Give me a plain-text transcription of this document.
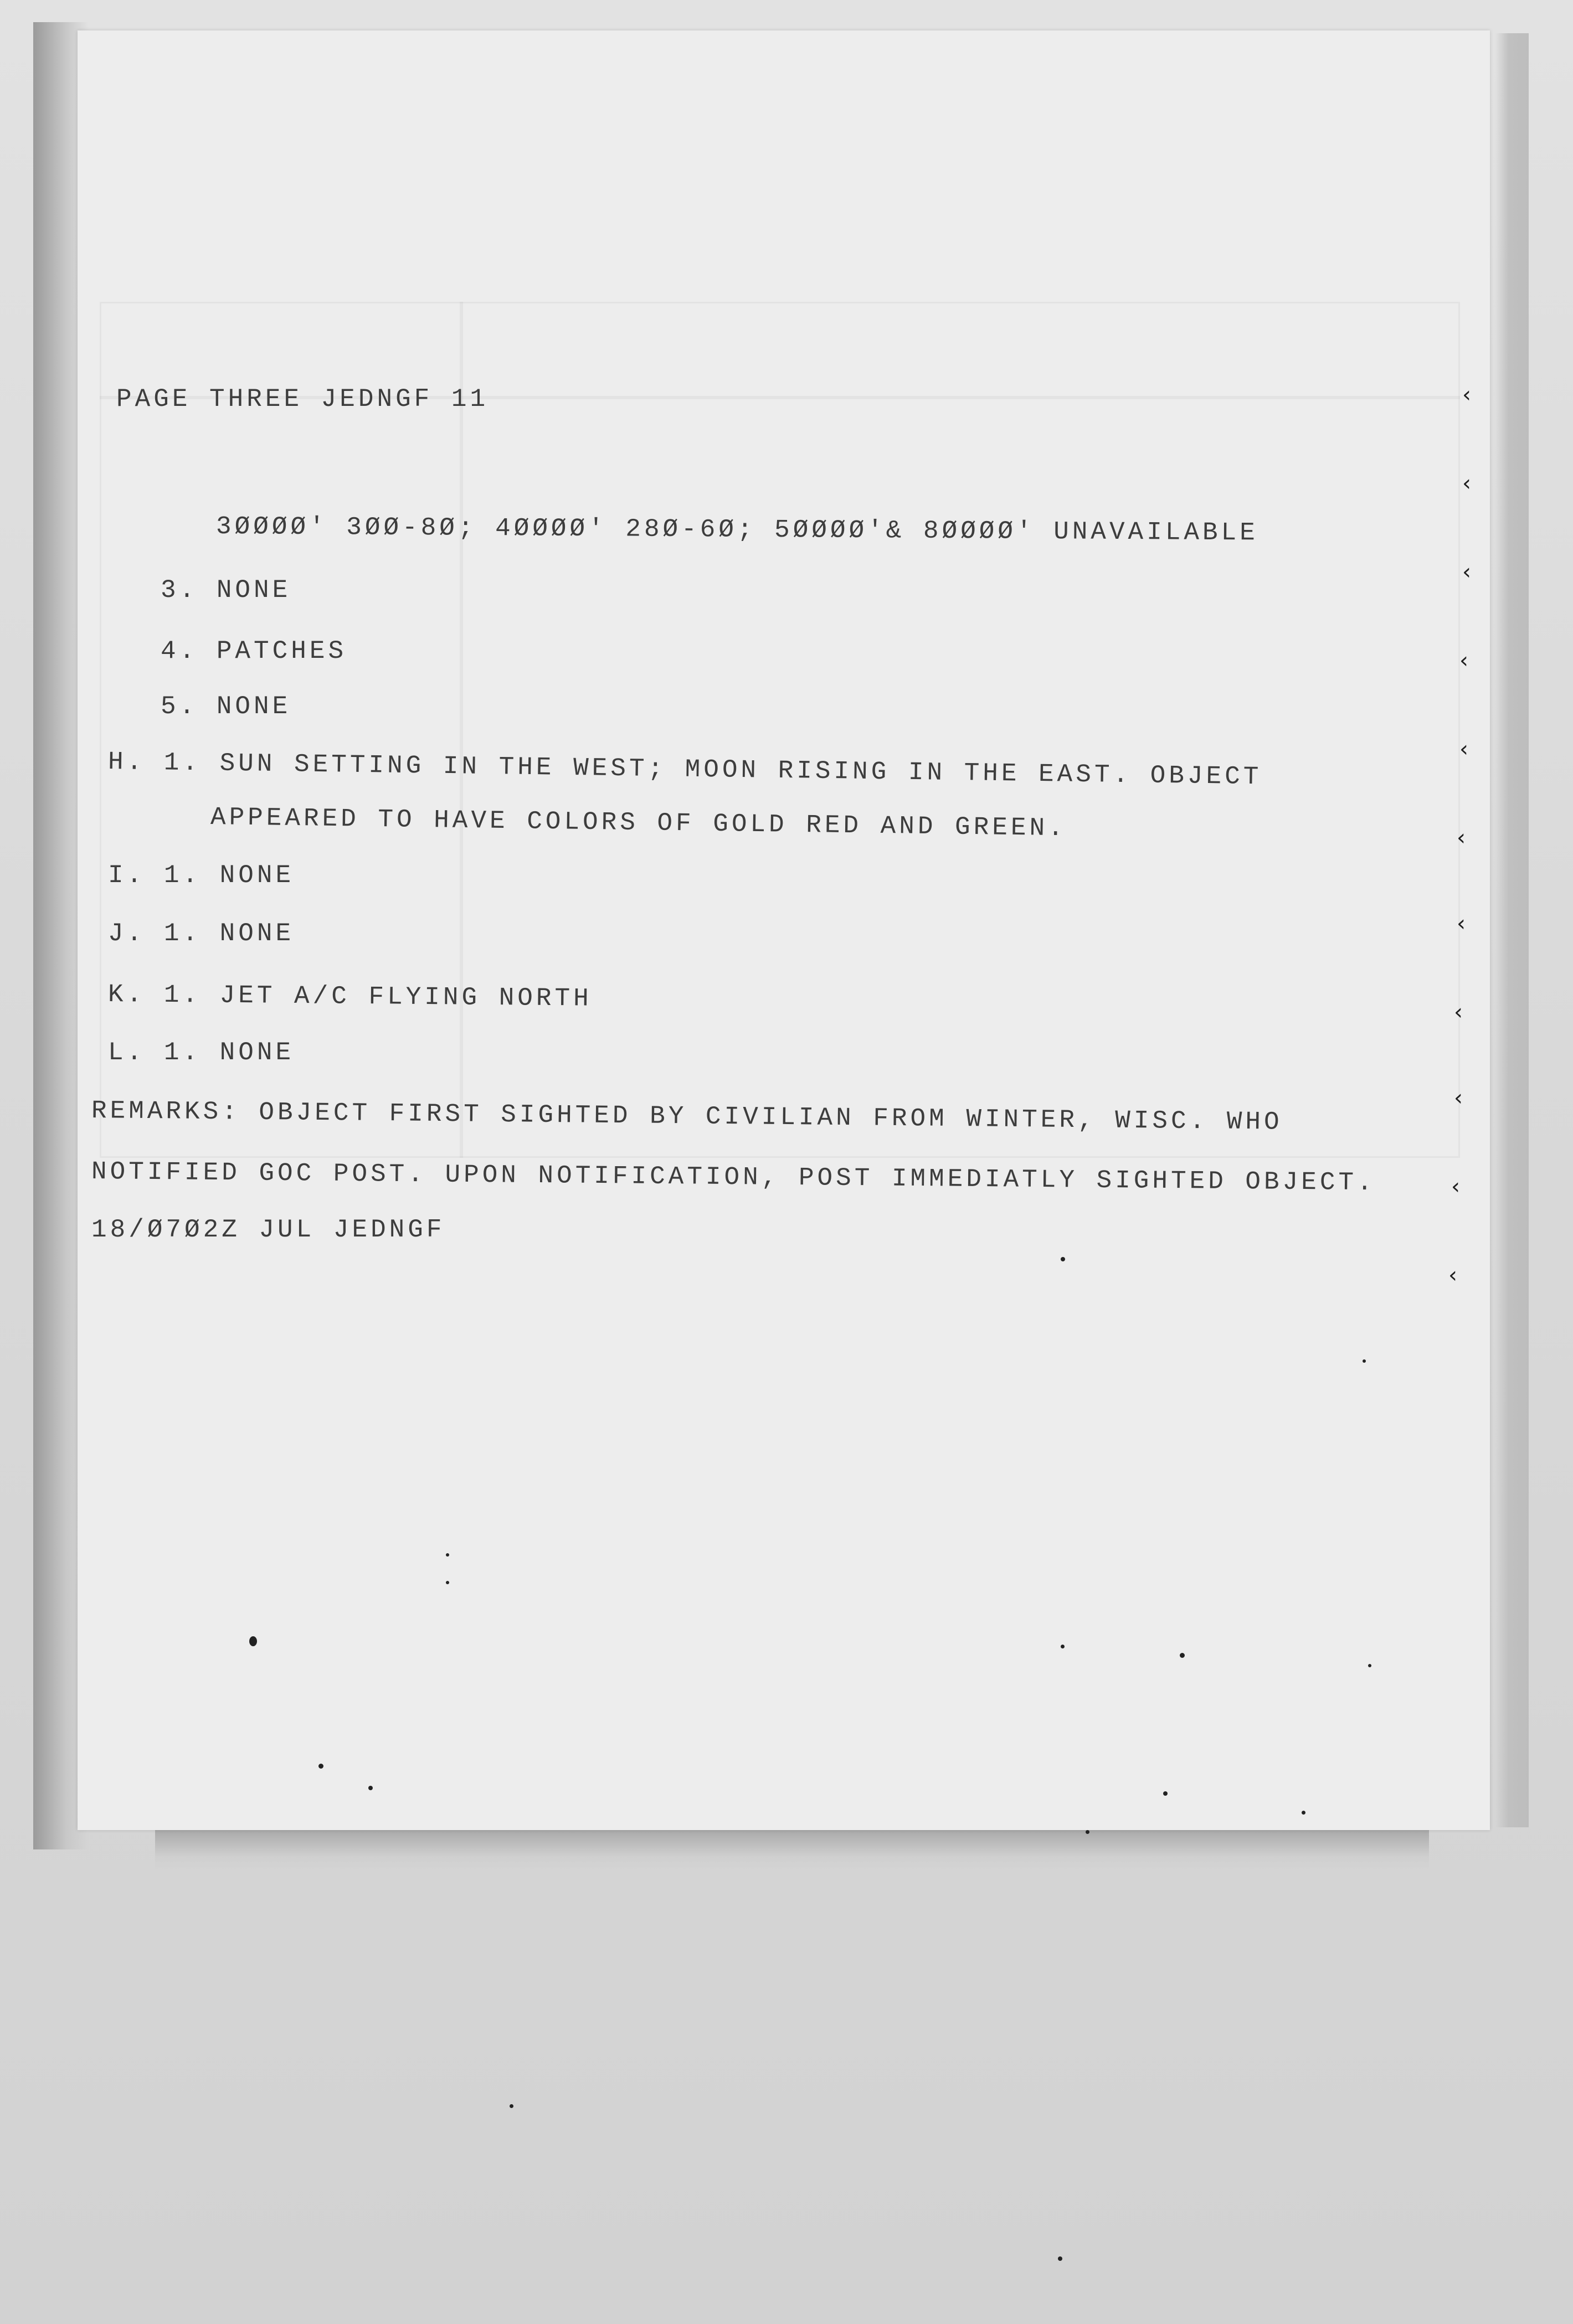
PAGE THREE JEDNGF 11
3ØØØØ' 3ØØ-8Ø; 4ØØØØ' 28Ø-6Ø; 5ØØØØ'& 8ØØØØ' UNAVAILABLE
3. NONE
4. PATCHES
5. NONE
H. 1. SUN SETTING IN THE WEST; MOON RISING IN THE EAST. OBJECT
APPEARED TO HAVE COLORS OF GOLD RED AND GREEN.
I. 1. NONE
J. 1. NONE
K. 1. JET A/C FLYING NORTH
L. 1. NONE
REMARKS: OBJECT FIRST SIGHTED BY CIVILIAN FROM WINTER, WISC. WHO
NOTIFIED GOC POST. UPON NOTIFICATION, POST IMMEDIATLY SIGHTED OBJECT.
18/Ø7Ø2Z JUL JEDNGF
‹
‹
‹
‹
‹
‹
‹
‹
‹
‹
‹
